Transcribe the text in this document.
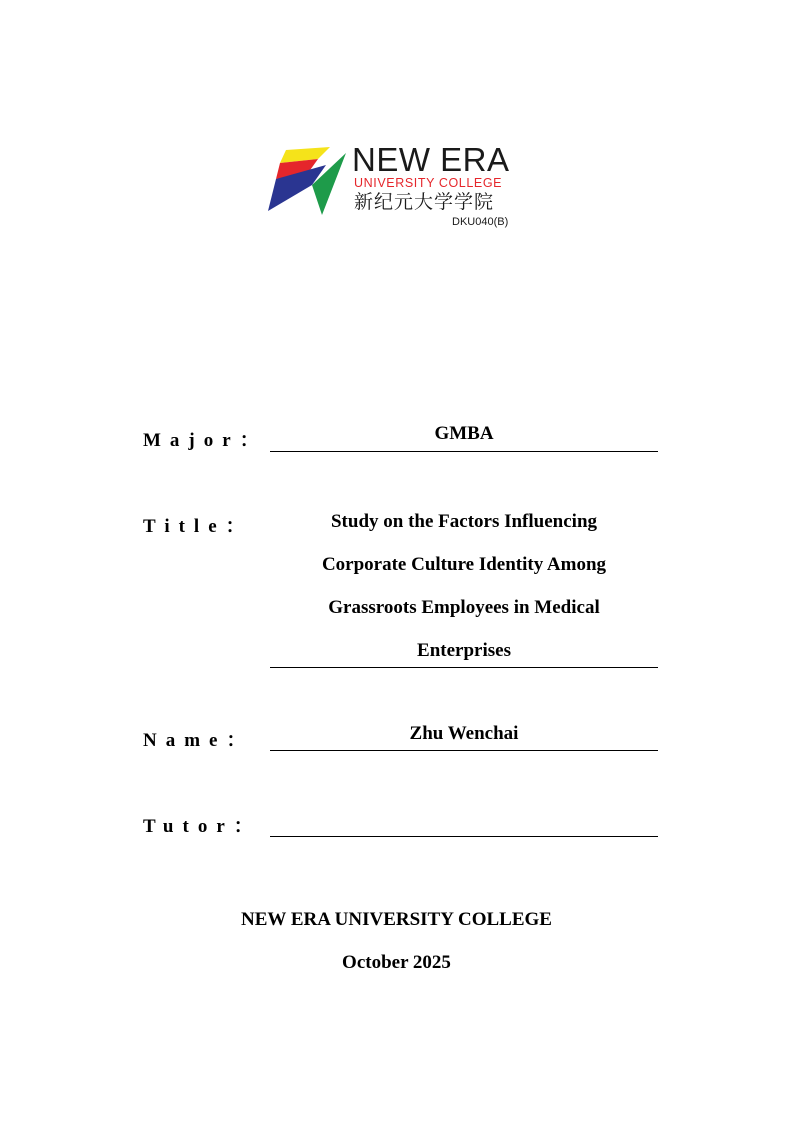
NEW ERA
UNIVERSITY COLLEGE
新纪元大学学院
DKU040(B)
Major：	GMBA
Title：	Study on the Factors Influencing
Corporate Culture Identity Among
Grassroots Employees in Medical
Enterprises
Name：	Zhu Wenchai
Tutor：
NEW ERA UNIVERSITY COLLEGE
October 2025
